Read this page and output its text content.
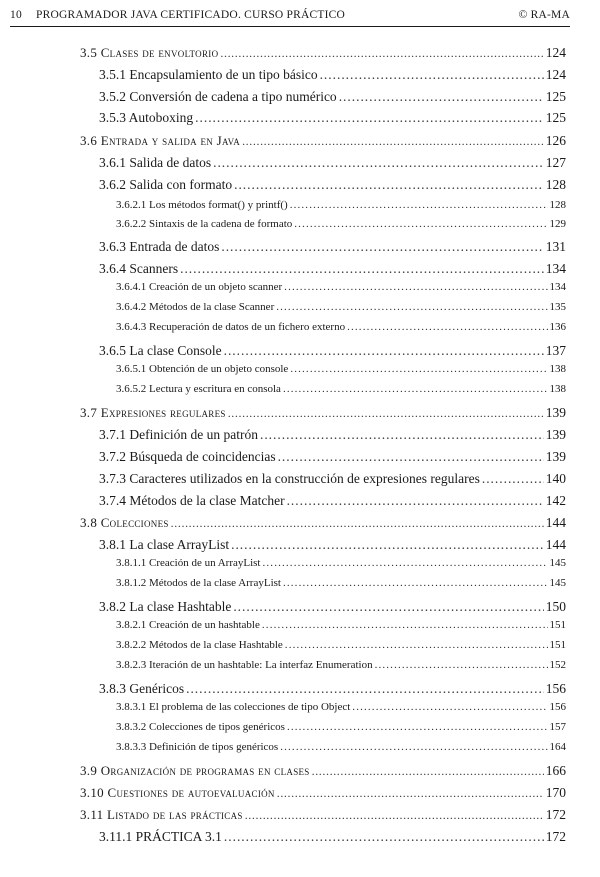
10 PROGRAMADOR JAVA CERTIFICADO. CURSO PRÁCTICO	© RA-MA
3.5 Clases de envoltorio . . .	124
3.5.1 Encapsulamiento de un tipo básico . . .	124
3.5.2 Conversión de cadena a tipo numérico . . .	125
3.5.3 Autoboxing . . .	125
3.6 Entrada y salida en Java . . .	126
3.6.1 Salida de datos . . .	127
3.6.2 Salida con formato . . .	128
3.6.2.1 Los métodos format() y printf() . . .	128
3.6.2.2 Sintaxis de la cadena de formato . . .	129
3.6.3 Entrada de datos . . .	131
3.6.4 Scanners . . .	134
3.6.4.1 Creación de un objeto scanner . . .	134
3.6.4.2 Métodos de la clase Scanner . . .	135
3.6.4.3 Recuperación de datos de un fichero externo . . .	136
3.6.5 La clase Console . . .	137
3.6.5.1 Obtención de un objeto console . . .	138
3.6.5.2 Lectura y escritura en consola . . .	138
3.7 Expresiones regulares . . .	139
3.7.1 Definición de un patrón . . .	139
3.7.2 Búsqueda de coincidencias . . .	139
3.7.3 Caracteres utilizados en la construcción de expresiones regulares . . .	140
3.7.4 Métodos de la clase Matcher . . .	142
3.8 Colecciones . . .	144
3.8.1 La clase ArrayList . . .	144
3.8.1.1 Creación de un ArrayList . . .	145
3.8.1.2 Métodos de la clase ArrayList . . .	145
3.8.2 La clase Hashtable . . .	150
3.8.2.1 Creación de un hashtable . . .	151
3.8.2.2 Métodos de la clase Hashtable . . .	151
3.8.2.3 Iteración de un hashtable: La interfaz Enumeration . . .	152
3.8.3 Genéricos . . .	156
3.8.3.1 El problema de las colecciones de tipo Object . . .	156
3.8.3.2 Colecciones de tipos genéricos . . .	157
3.8.3.3 Definición de tipos genéricos . . .	164
3.9 Organización de programas en clases . . .	166
3.10 Cuestiones de autoevaluación . . .	170
3.11 Listado de las prácticas . . .	172
3.11.1 PRÁCTICA 3.1 . . .	172
